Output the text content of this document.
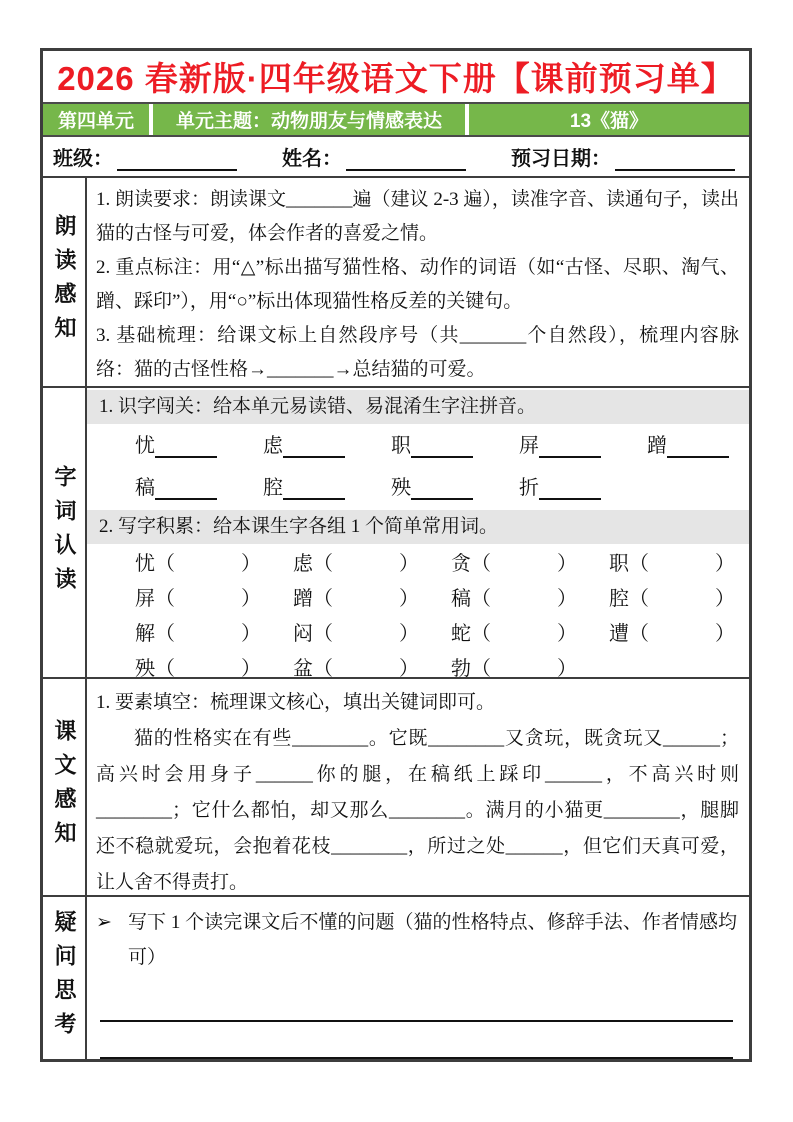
2026 春新版·四年级语文下册【课前预习单】
第四单元	单元主题：动物朋友与情感表达	13《猫》
班级：	姓名：	预习日期：
朗读感知

1. 朗读要求：朗读课文_______遍（建议 2-3 遍），读准字音、读通句子，读出猫的古怪与可爱，体会作者的喜爱之情。

2. 重点标注：用“△”标出描写猫性格、动作的词语（如“古怪、尽职、淘气、蹭、踩印”），用“○”标出体现猫性格反差的关键句。

3. 基础梳理：给课文标上自然段序号（共_______个自然段），梳理内容脉络：猫的古怪性格→_______→总结猫的可爱。

字词认读
1. 识字闯关：给本单元易读错、易混淆生字注拼音。
忧	虑	职	屏	蹭
稿	腔	殃	折
2. 写字积累：给本课生字各组 1 个简单常用词。
忧 （	） 虑 （	） 贪 （	） 职 （	）
屏 （	） 蹭 （	） 稿 （	） 腔 （	）
解 （	） 闷 （	） 蛇 （	） 遭 （	）
殃 （	） 盆 （	） 勃 （	）
课文感知

1. 要素填空：梳理课文核心，填出关键词即可。

猫的性格实在有些________。它既________又贪玩，既贪玩又______；高兴时会用身子______你的腿，在稿纸上踩印______，不高兴时则________；它什么都怕，却又那么________。满月的小猫更________，腿脚还不稳就爱玩，会抱着花枝________，所过之处______，但它们天真可爱，让人舍不得责打。

疑问思考 ➢ 写下 1 个读完课文后不懂的问题（猫的性格特点、修辞手法、作者情感均可）
